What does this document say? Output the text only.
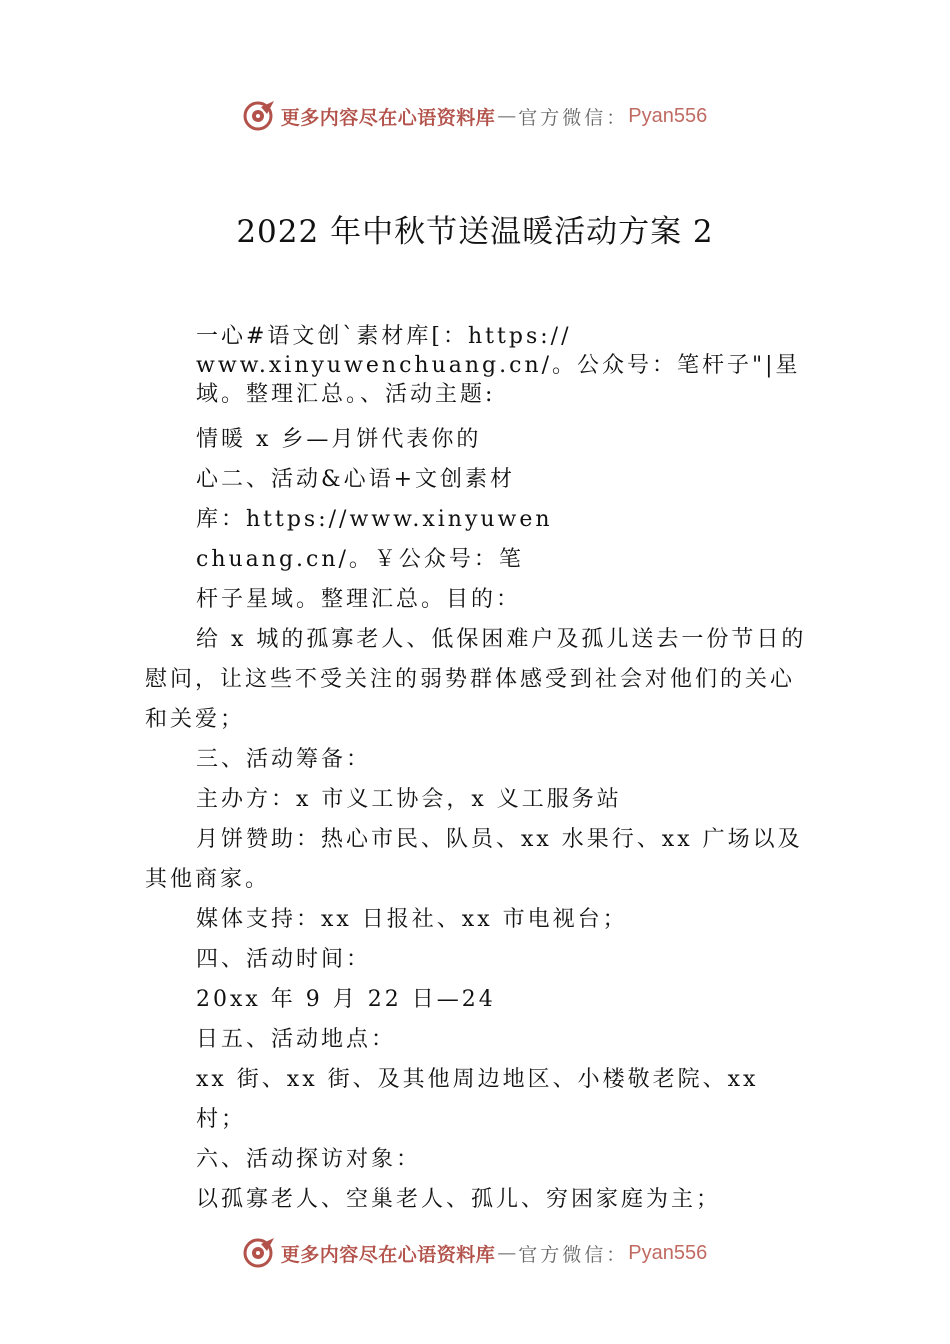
更多内容尽在心语资料库 — 官方微信： Pyan556
2022 年中秋节送温暖活动方案 2

一心#语文创`素材库[：https:// www.xinyuwenchuang.cn/。公众号：笔杆子"|星域。整理汇总。、活动主题:

情暖 x 乡—月饼代表你的

心二、活动&心语+文创素材

库：https://www.xinyuwen

chuang.cn/。￥公众号：笔

杆子星域。整理汇总。目的：

给 x 城的孤寡老人、低保困难户及孤儿送去一份节日的慰问，让这些不受关注的弱势群体感受到社会对他们的关心和关爱；

三、活动筹备：

主办方：x 市义工协会，x 义工服务站

月饼赞助：热心市民、队员、xx 水果行、xx 广场以及其他商家。

媒体支持：xx 日报社、xx 市电视台；

四、活动时间：

20xx 年 9 月 22 日—24

日五、活动地点：

xx 街、xx 街、及其他周边地区、小楼敬老院、xx 村；

六、活动探访对象：

以孤寡老人、空巢老人、孤儿、穷困家庭为主；

更多内容尽在心语资料库 — 官方微信： Pyan556
